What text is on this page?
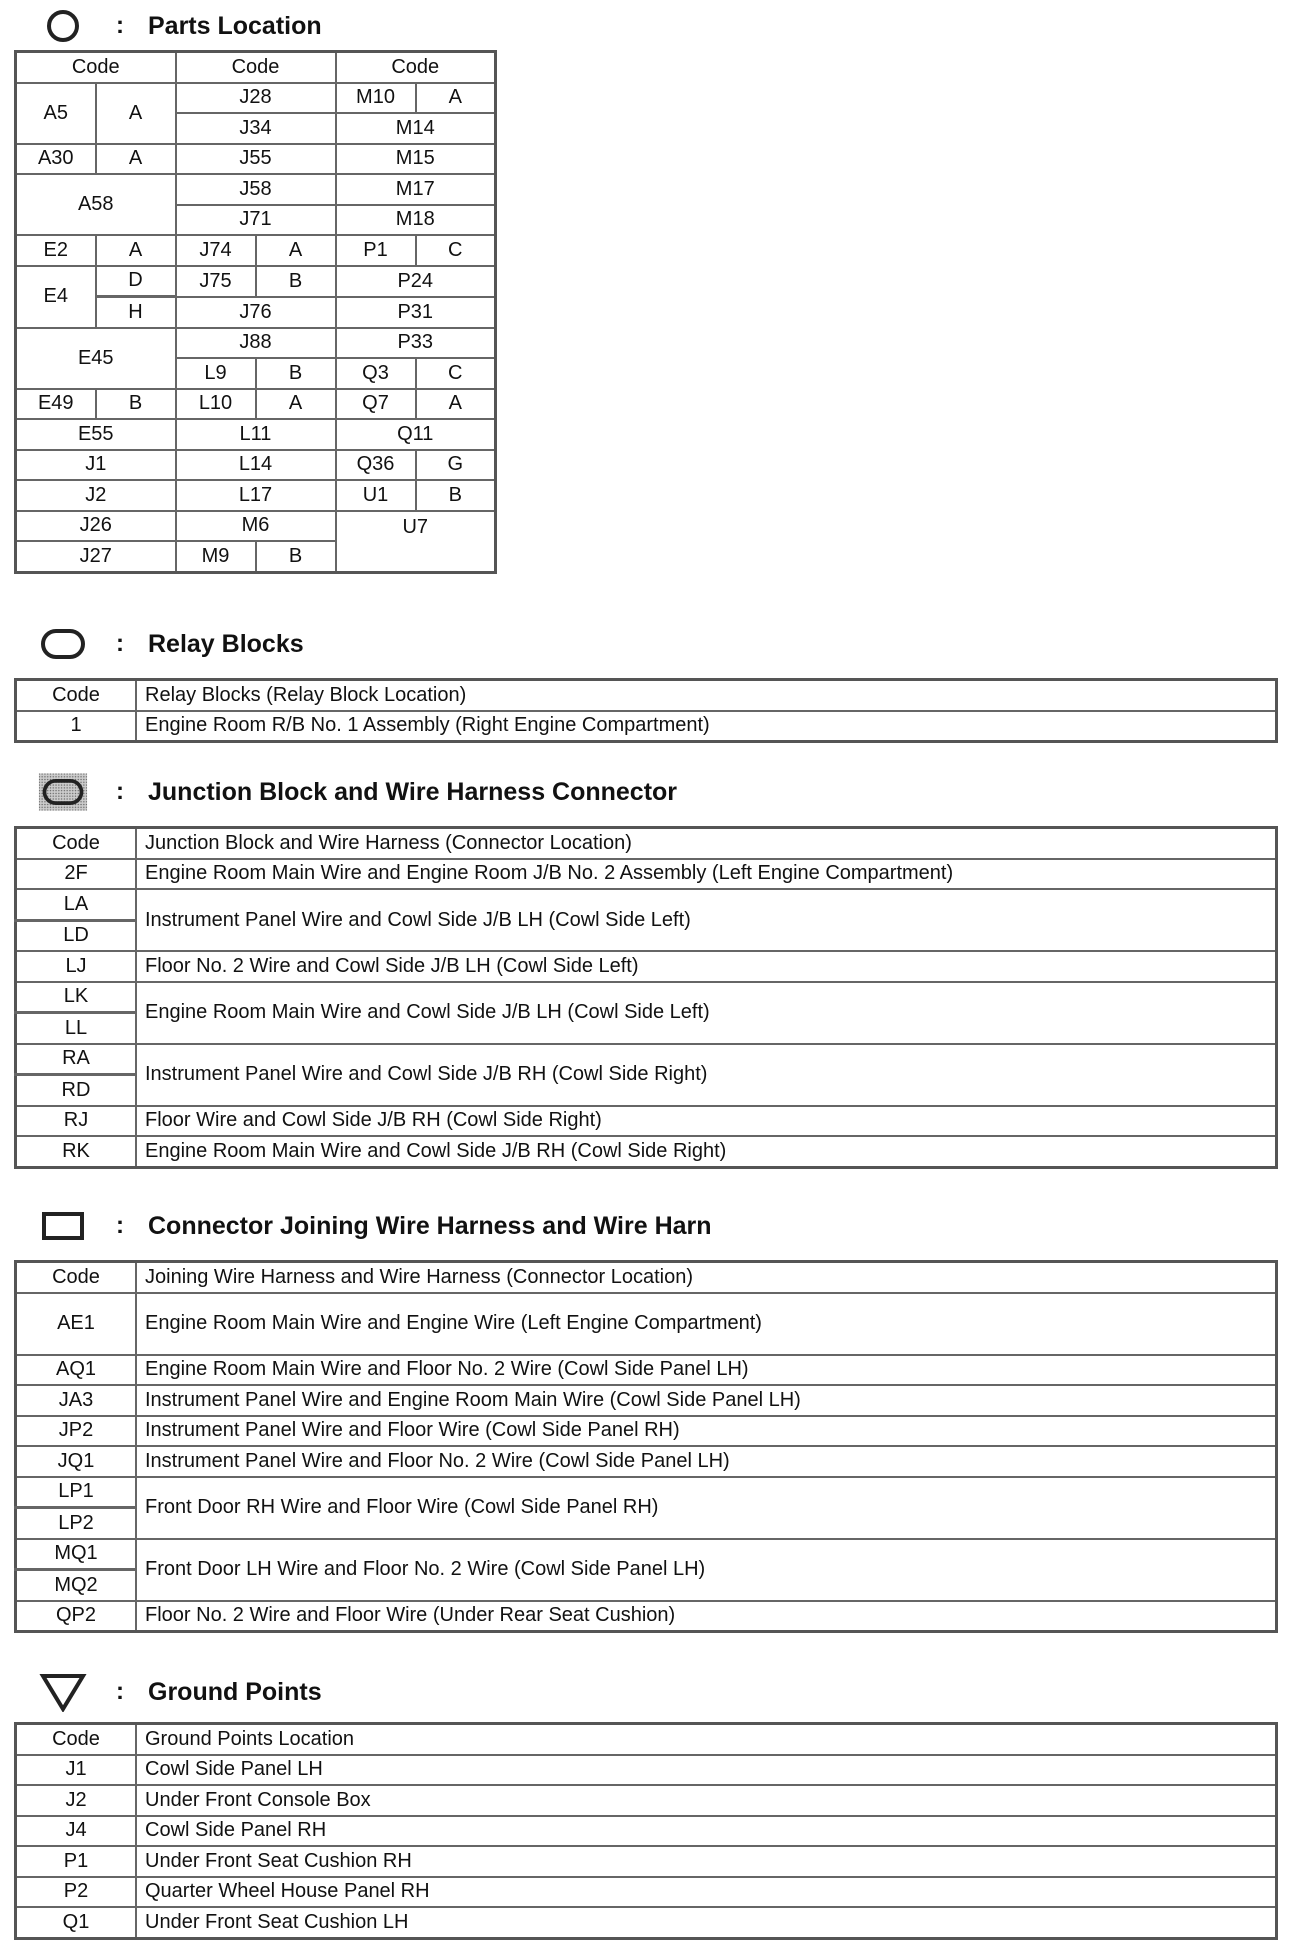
: Parts Location
Code		Code		Code	
A5	A	J28		M10	A
		J34		M14	
A30	A	J55		M15	
A58		J58		M17	
		J71		M18	
E2	A	J74	A	P1	C
E4	D	J75	B	P24	
	H	J76		P31	
E45		J88		P33	
		L9	B	Q3	C
E49	B	L10	A	Q7	A
E55		L11		Q11	
J1		L14		Q36	G
J2		L17		U1	B
J26		M6		U7	
J27		M9	B		
: Relay Blocks
Code	Relay Blocks (Relay Block Location)
1	Engine Room R/B No. 1 Assembly (Right Engine Compartment)
: Junction Block and Wire Harness Connector
Code	Junction Block and Wire Harness (Connector Location)
2F	Engine Room Main Wire and Engine Room J/B No. 2 Assembly (Left Engine Compartment)
LA	Instrument Panel Wire and Cowl Side J/B LH (Cowl Side Left)
LD	
LJ	Floor No. 2 Wire and Cowl Side J/B LH (Cowl Side Left)
LK	Engine Room Main Wire and Cowl Side J/B LH (Cowl Side Left)
LL	
RA	Instrument Panel Wire and Cowl Side J/B RH (Cowl Side Right)
RD	
RJ	Floor Wire and Cowl Side J/B RH (Cowl Side Right)
RK	Engine Room Main Wire and Cowl Side J/B RH (Cowl Side Right)
: Connector Joining Wire Harness and Wire Harn
Code	Joining Wire Harness and Wire Harness (Connector Location)
AE1	Engine Room Main Wire and Engine Wire (Left Engine Compartment)
AQ1	Engine Room Main Wire and Floor No. 2 Wire (Cowl Side Panel LH)
JA3	Instrument Panel Wire and Engine Room Main Wire (Cowl Side Panel LH)
JP2	Instrument Panel Wire and Floor Wire (Cowl Side Panel RH)
JQ1	Instrument Panel Wire and Floor No. 2 Wire (Cowl Side Panel LH)
LP1	Front Door RH Wire and Floor Wire (Cowl Side Panel RH)
LP2	
MQ1	Front Door LH Wire and Floor No. 2 Wire (Cowl Side Panel LH)
MQ2	
QP2	Floor No. 2 Wire and Floor Wire (Under Rear Seat Cushion)
: Ground Points
Code	Ground Points Location
J1	Cowl Side Panel LH
J2	Under Front Console Box
J4	Cowl Side Panel RH
P1	Under Front Seat Cushion RH
P2	Quarter Wheel House Panel RH
Q1	Under Front Seat Cushion LH
